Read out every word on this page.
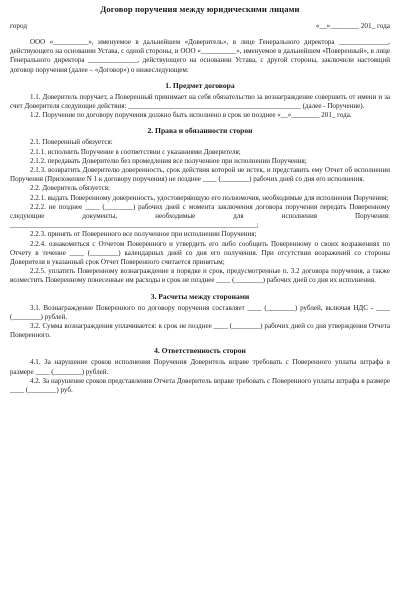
Договор поручения между юридическими лицами
город	«__»________ 201_ года

ООО «__________», именуемое в дальнейшем «Доверитель», в лице Генерального директора ______________, действующего на основании Устава, с одной стороны, и ООО «__________», именуемое в дальнейшем «Поверенный», в лице Генерального директора ______________, действующего на основании Устава, с другой стороны, заключили настоящий договор поручения (далее – «Договор») о нижеследующем:

1. Предмет договора

1.1. Доверитель поручает, а Поверенный принимает на себя обязательство за вознаграждение совершить от имени и за счет Доверителя следующие действия: _________________________________________________ (далее - Поручение).

1.2. Поручение по договору поручения должно быть исполнено в срок не позднее «__»________ 201_ года.

2. Права и обязанности сторон

2.1. Поверенный обязуется:

2.1.1. исполнить Поручение в соответствии с указаниями Доверителя;

2.1.2. передавать Доверителю без промедления все полученное при исполнении Поручения;

2.1.3. возвратить Доверителю доверенность, срок действия которой не истек, и представить ему Отчет об исполнении Поручения (Приложение N 1 к договору поручения) не позднее ____ (________) рабочих дней со дня его исполнения.

2.2. Доверитель обязуется:

2.2.1. выдать Поверенному доверенность, удостоверяющую его полномочия, необходимые для исполнения Поручения;

2.2.2. не позднее ____ (________) рабочих дней с момента заключения договора поручения передать Поверенному следующие документы, необходимые для исполнения Поручения: ______________________________________________________________________;

2.2.3. принять от Поверенного все полученное при исполнении Поручения;

2.2.4. ознакомиться с Отчетом Поверенного и утвердить его либо сообщить Поверенному о своих возражениях по Отчету в течение ____ (________) календарных дней со дня его получения. При отсутствии возражений со стороны Доверителя в указанный срок Отчет Поверенного считается принятым;

2.2.5. уплатить Поверенному вознаграждение в порядке и срок, предусмотренные п. 3.2 договора поручения, а также возместить Поверенному понесенные им расходы в срок не позднее ____ (________) рабочих дней со дня их исполнения.

3. Расчеты между сторонами

3.1. Вознаграждение Поверенного по договору поручения составляет ____ (________) рублей, включая НДС - ____ (________) рублей.

3.2. Сумма вознаграждения уплачивается: в срок не позднее ____ (________) рабочих дней со дня утверждения Отчета Поверенного.

4. Ответственность сторон

4.1. За нарушение сроков исполнения Поручения Доверитель вправе требовать с Поверенного уплаты штрафа в размере ____ (________) рублей.

4.2. За нарушение сроков представления Отчета Доверитель вправе требовать с Поверенного уплаты штрафа в размере ____ (________) руб.
